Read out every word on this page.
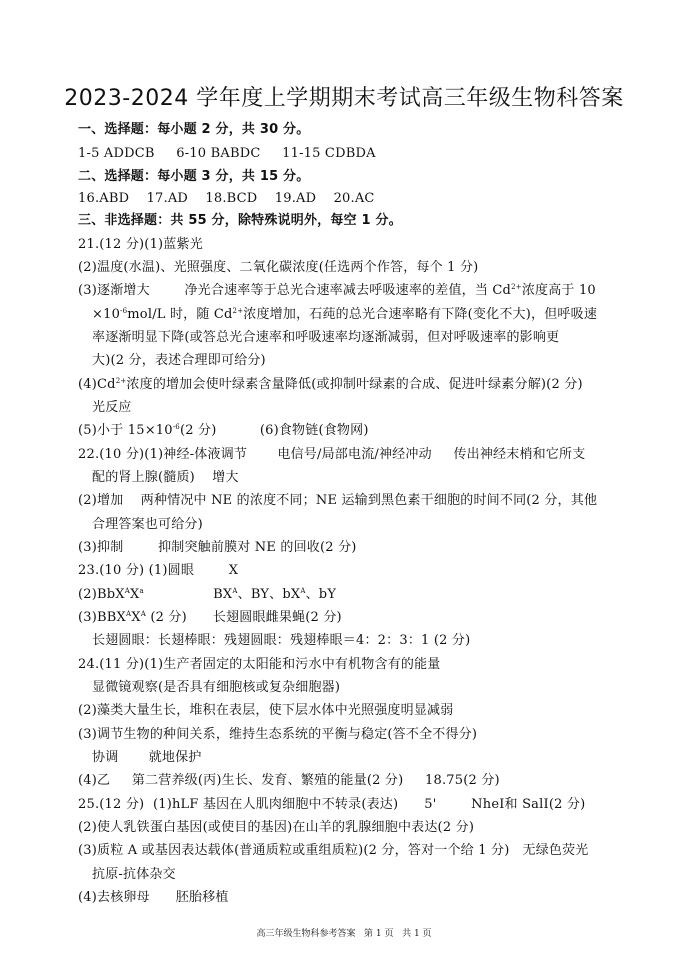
2023-2024 学年度上学期期末考试高三年级生物科答案
一、选择题：每小题 2 分，共 30 分。
1-5 ADDCB     6-10 BABDC     11-15 CDBDA
二、选择题：每小题 3 分，共 15 分。
16.ABD    17.AD    18.BCD    19.AD    20.AC
三、非选择题：共 55 分，除特殊说明外，每空 1 分。
21.(12 分)(1)蓝紫光
(2)温度(水温)、光照强度、二氧化碳浓度(任选两个作答，每个 1 分)
(3)逐渐增大        净光合速率等于总光合速率减去呼吸速率的差值，当 $Cd^{2+}$浓度高于 10
$\times 10^{-6}mol/L$ 时，随 $Cd^{2+}$浓度增加，石莼的总光合速率略有下降(变化不大)，但呼吸速
率逐渐明显下降(或答总光合速率和呼吸速率均逐渐减弱，但对呼吸速率的影响更
大)(2 分，表述合理即可给分)
$(4)Cd^{2+}$浓度的增加会使叶绿素含量降低(或抑制叶绿素的合成、促进叶绿素分解)(2 分)
光反应
(5)小于 $15\times 10^{-6}(2$ 分)          (6)食物链(食物网)
22.(10 分)(1)神经-体液调节       电信号/局部电流/神经冲动     传出神经末梢和它所支
配的肾上腺(髓质)    增大
(2)增加    两种情况中 NE 的浓度不同；NE 运输到黑色素干细胞的时间不同(2 分，其他
合理答案也可给分)
(3)抑制        抑制突触前膜对 NE 的回收(2 分)
23.(10 分) (1)圆眼        X
$(2)BbX^AX^a$                $BX^A$、BY、$bX^A$、bY
$(3)BBX^AX^A$ (2 分)      长翅圆眼雌果蝇(2 分)
长翅圆眼：长翅棒眼：残翅圆眼：残翅棒眼＝4：2：3：1 (2 分)
24.(11 分)(1)生产者固定的太阳能和污水中有机物含有的能量
显微镜观察(是否具有细胞核或复杂细胞器)
(2)藻类大量生长，堆积在表层，使下层水体中光照强度明显减弱
(3)调节生物的种间关系，维持生态系统的平衡与稳定(答不全不得分)
协调       就地保护
(4)乙     第二营养级(丙)生长、发育、繁殖的能量(2 分)     18.75(2 分)
25.(12 分)  (1)hLF 基因在人肌肉细胞中不转录(表达)      5'        NheⅠ和 SalⅠ(2 分)
(2)使人乳铁蛋白基因(或使目的基因)在山羊的乳腺细胞中表达(2 分)
(3)质粒 A 或基因表达载体(普通质粒或重组质粒)(2 分，答对一个给 1 分)   无绿色荧光
抗原-抗体杂交
(4)去核卵母      胚胎移植
高三年级生物科参考答案   第 1 页   共 1 页
